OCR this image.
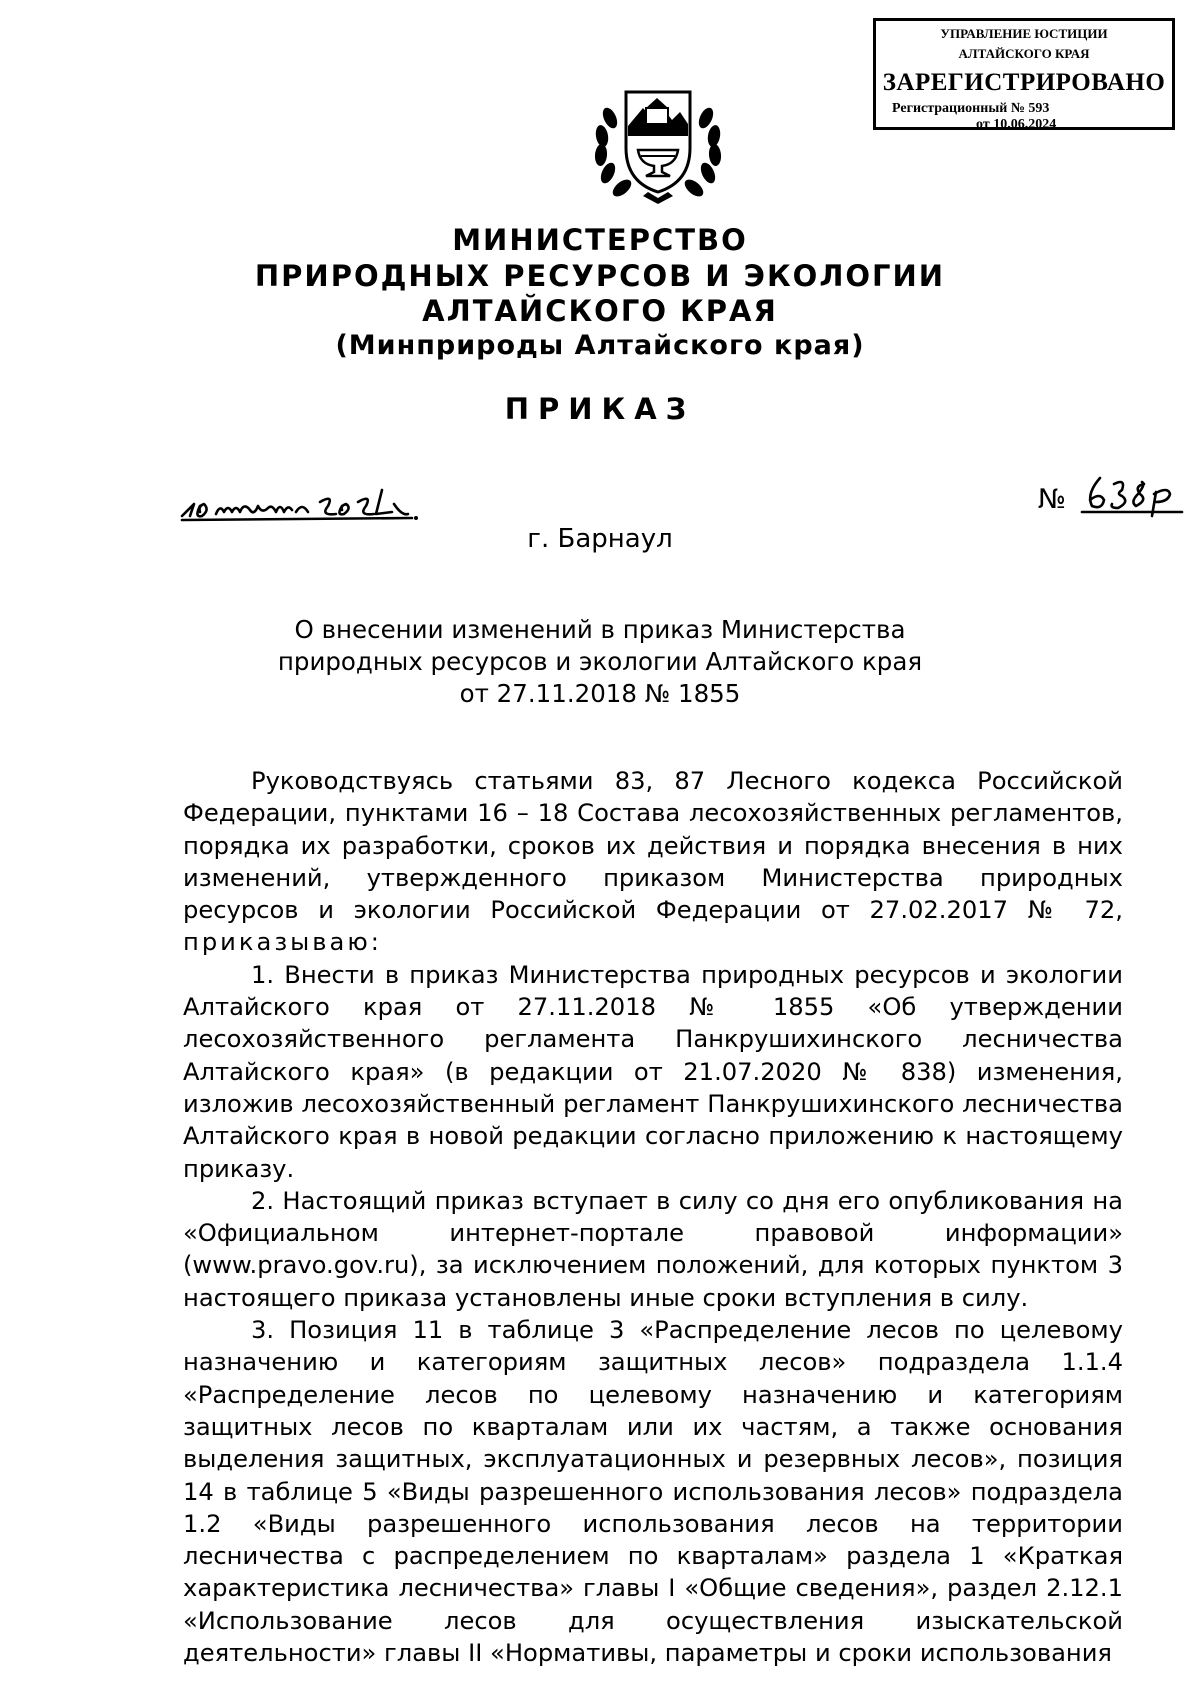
УПРАВЛЕНИЕ ЮСТИЦИИ
АЛТАЙСКОГО КРАЯ
ЗАРЕГИСТРИРОВАНО
Регистрационный № 593
от 10.06.2024
МИНИСТЕРСТВО
ПРИРОДНЫХ РЕСУРСОВ И ЭКОЛОГИИ
АЛТАЙСКОГО КРАЯ
(Минприроды Алтайского края)
ПРИКАЗ
№
г. Барнаул
О внесении изменений в приказ Министерства
природных ресурсов и экологии Алтайского края
от 27.11.2018 № 1855

Руководствуясь статьями 83, 87 Лесного кодекса Российской Федерации, пунктами 16 – 18 Состава лесохозяйственных регламентов, порядка их разработки, сроков их действия и порядка внесения в них изменений, утвержденного приказом Министерства природных ресурсов и экологии Российской Федерации от 27.02.2017 № 72, приказываю:

1. Внести в приказ Министерства природных ресурсов и экологии Алтайского края от 27.11.2018 № 1855 «Об утверждении лесохозяйственного регламента Панкрушихинского лесничества Алтайского края» (в редакции от 21.07.2020 № 838) изменения, изложив лесохозяйственный регламент Панкрушихинского лесничества Алтайского края в новой редакции согласно приложению к настоящему приказу.

2. Настоящий приказ вступает в силу со дня его опубликования на «Официальном интернет-портале правовой информации» (www.pravo.gov.ru), за исключением положений, для которых пунктом 3 настоящего приказа установлены иные сроки вступления в силу.

3. Позиция 11 в таблице 3 «Распределение лесов по целевому назначению и категориям защитных лесов» подраздела 1.1.4 «Распределение лесов по целевому назначению и категориям защитных лесов по кварталам или их частям, а также основания выделения защитных, эксплуатационных и резервных лесов», позиция 14 в таблице 5 «Виды разрешенного использования лесов» подраздела 1.2 «Виды разрешенного использования лесов на территории лесничества с распределением по кварталам» раздела 1 «Краткая характеристика лесничества» главы I «Общие сведения», раздел 2.12.1 «Использование лесов для осуществления изыскательской деятельности» главы II «Нормативы, параметры и сроки использования
